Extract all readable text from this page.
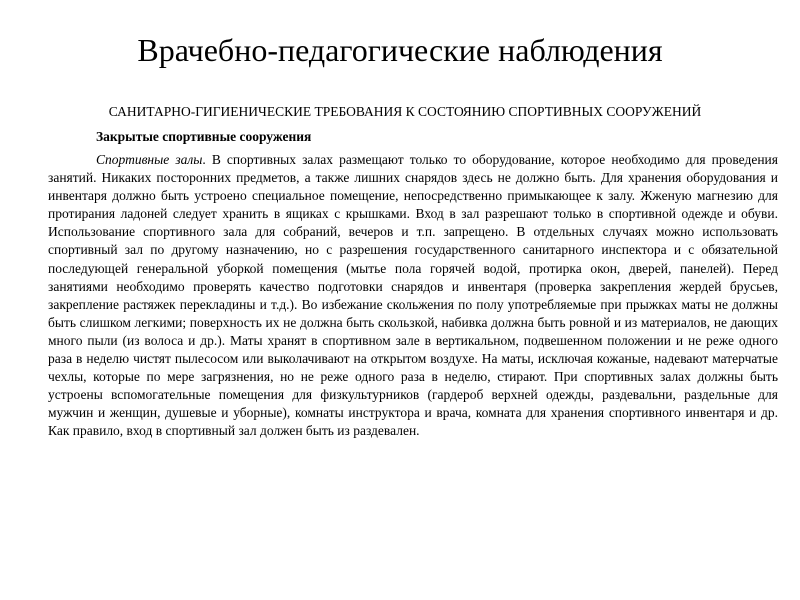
Врачебно-педагогические наблюдения
САНИТАРНО-ГИГИЕНИЧЕСКИЕ ТРЕБОВАНИЯ К СОСТОЯНИЮ СПОРТИВНЫХ СООРУЖЕНИЙ
Закрытые спортивные сооружения

Спортивные залы. В спортивных залах размещают только то оборудование, которое необходимо для проведения занятий. Никаких посторонних предметов, а также лишних снарядов здесь не должно быть. Для хранения оборудования и инвентаря должно быть устроено специальное помещение, непосредственно примыкающее к залу. Жженую магнезию для протирания ладоней следует хранить в ящиках с крышками. Вход в зал разрешают только в спортивной одежде и обуви. Использование спортивного зала для собраний, вечеров и т.п. запрещено. В отдельных случаях можно использовать спортивный зал по другому назначению, но с разрешения государственного санитарного инспектора и с обязательной последующей генеральной уборкой помещения (мытье пола горячей водой, протирка окон, дверей, панелей). Перед занятиями необходимо проверять качество подготовки снарядов и инвентаря (проверка закрепления жердей брусьев, закрепление растяжек перекладины и т.д.). Во избежание скольжения по полу употребляемые при прыжках маты не должны быть слишком легкими; поверхность их не должна быть скользкой, набивка должна быть ровной и из материалов, не дающих много пыли (из волоса и др.). Маты хранят в спортивном зале в вертикальном, подвешенном положении и не реже одного раза в неделю чистят пылесосом или выколачивают на открытом воздухе. На маты, исключая кожаные, надевают матерчатые чехлы, которые по мере загрязнения, но не реже одного раза в неделю, стирают. При спортивных залах должны быть устроены вспомогательные помещения для физкультурников (гардероб верхней одежды, раздевальни, раздельные для мужчин и женщин, душевые и уборные), комнаты инструктора и врача, комната для хранения спортивного инвентаря и др. Как правило, вход в спортивный зал должен быть из раздевален.
